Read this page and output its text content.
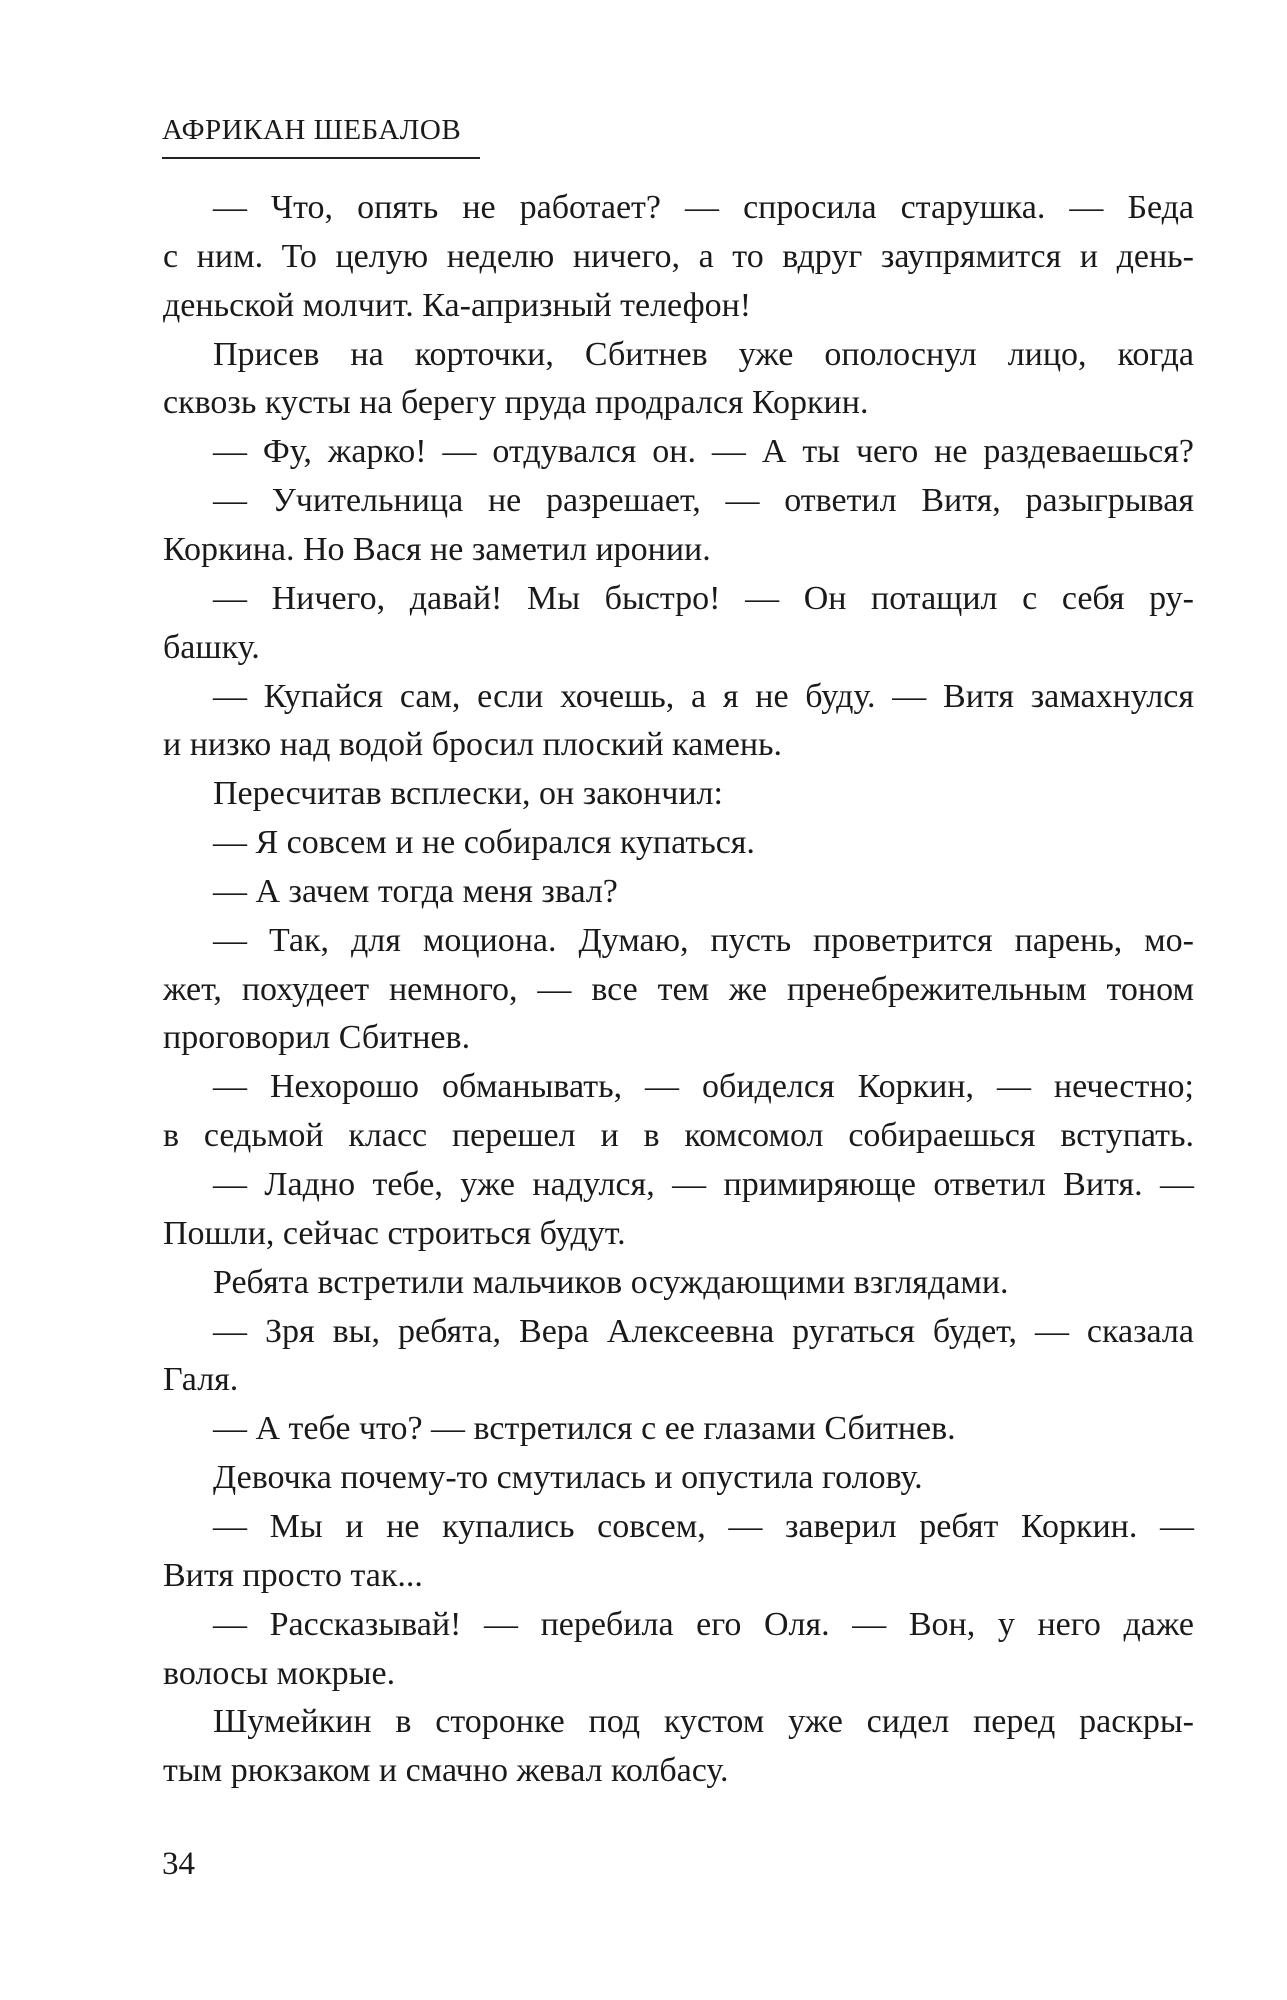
АФРИКАН ШЕБАЛОВ
— Что, опять не работает? — спросила старушка. — Беда
с ним. То целую неделю ничего, а то вдруг заупрямится и день-
деньской молчит. Ка-апризный телефон!
Присев на корточки, Сбитнев уже ополоснул лицо, когда
сквозь кусты на берегу пруда продрался Коркин.
— Фу, жарко! — отдувался он. — А ты чего не раздеваешься?
— Учительница не разрешает, — ответил Витя, разыгрывая
Коркина. Но Вася не заметил иронии.
— Ничего, давай! Мы быстро! — Он потащил с себя ру-
башку.
— Купайся сам, если хочешь, а я не буду. — Витя замахнулся
и низко над водой бросил плоский камень.
Пересчитав всплески, он закончил:
— Я совсем и не собирался купаться.
— А зачем тогда меня звал?
— Так, для моциона. Думаю, пусть проветрится парень, мо-
жет, похудеет немного, — все тем же пренебрежительным тоном
проговорил Сбитнев.
— Нехорошо обманывать, — обиделся Коркин, — нечестно;
в седьмой класс перешел и в комсомол собираешься вступать.
— Ладно тебе, уже надулся, — примиряюще ответил Витя. —
Пошли, сейчас строиться будут.
Ребята встретили мальчиков осуждающими взглядами.
— Зря вы, ребята, Вера Алексеевна ругаться будет, — сказала
Галя.
— А тебе что? — встретился с ее глазами Сбитнев.
Девочка почему-то смутилась и опустила голову.
— Мы и не купались совсем, — заверил ребят Коркин. —
Витя просто так...
— Рассказывай! — перебила его Оля. — Вон, у него даже
волосы мокрые.
Шумейкин в сторонке под кустом уже сидел перед раскры-
тым рюкзаком и смачно жевал колбасу.
34
